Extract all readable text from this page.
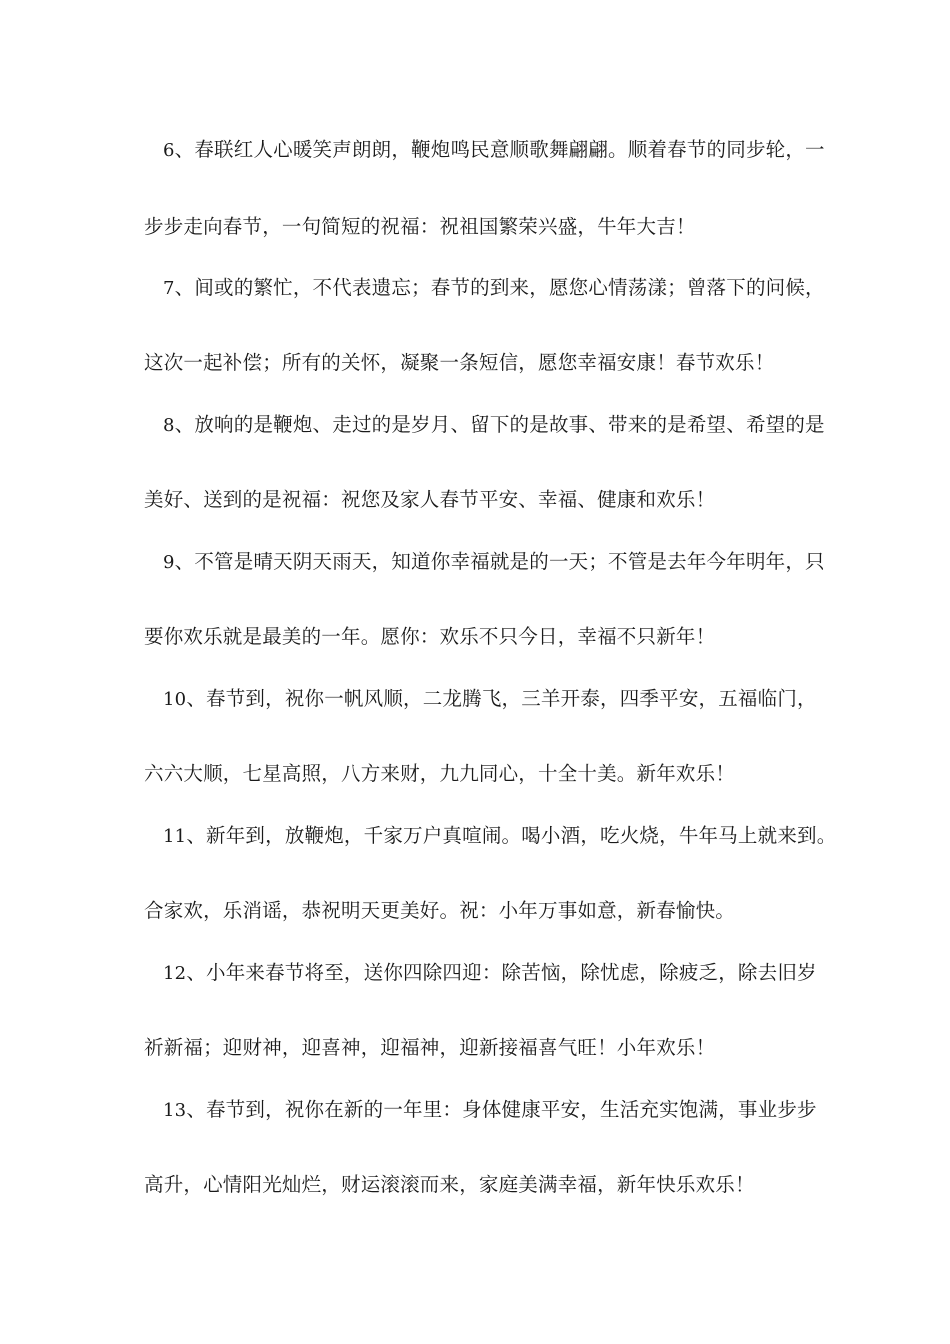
6、春联红人心暖笑声朗朗，鞭炮鸣民意顺歌舞翩翩。顺着春节的同步轮，一
步步走向春节，一句简短的祝福：祝祖国繁荣兴盛，牛年大吉！
7、间或的繁忙，不代表遗忘；春节的到来，愿您心情荡漾；曾落下的问候，
这次一起补偿；所有的关怀，凝聚一条短信，愿您幸福安康！春节欢乐！
8、放响的是鞭炮、走过的是岁月、留下的是故事、带来的是希望、希望的是
美好、送到的是祝福：祝您及家人春节平安、幸福、健康和欢乐！
9、不管是晴天阴天雨天，知道你幸福就是的一天；不管是去年今年明年，只
要你欢乐就是最美的一年。愿你：欢乐不只今日，幸福不只新年！
10、春节到，祝你一帆风顺，二龙腾飞，三羊开泰，四季平安，五福临门，
六六大顺，七星高照，八方来财，九九同心，十全十美。新年欢乐！
11、新年到，放鞭炮，千家万户真喧闹。喝小酒，吃火烧，牛年马上就来到。
合家欢，乐消谣，恭祝明天更美好。祝：小年万事如意，新春愉快。
12、小年来春节将至，送你四除四迎：除苦恼，除忧虑，除疲乏，除去旧岁
祈新福；迎财神，迎喜神，迎福神，迎新接福喜气旺！小年欢乐！
13、春节到，祝你在新的一年里：身体健康平安，生活充实饱满，事业步步
高升，心情阳光灿烂，财运滚滚而来，家庭美满幸福，新年快乐欢乐！
